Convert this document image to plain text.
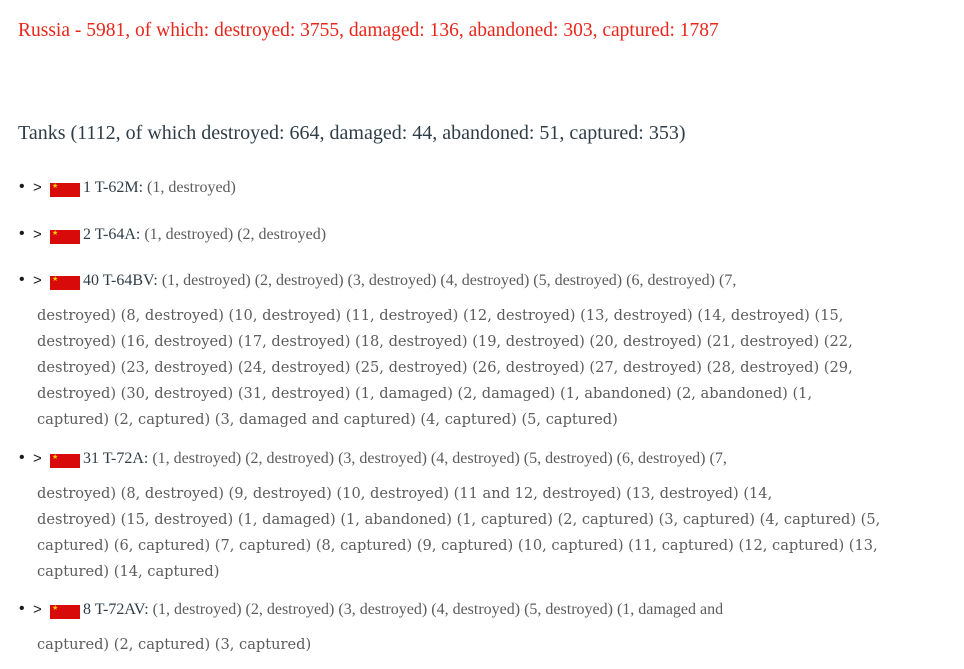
Russia - 5981, of which: destroyed: 3755, damaged: 136, abandoned: 303, captured: 1787
Tanks (1112, of which destroyed: 664, damaged: 44, abandoned: 51, captured: 353)
• > ★ 1 T-62M: (1, destroyed)
• > ★ 2 T-64A: (1, destroyed) (2, destroyed)
• > ★ 40 T-64BV: (1, destroyed) (2, destroyed) (3, destroyed) (4, destroyed) (5, destroyed) (6, destroyed) (7,
destroyed) (8, destroyed) (10, destroyed) (11, destroyed) (12, destroyed) (13, destroyed) (14, destroyed) (15,
destroyed) (16, destroyed) (17, destroyed) (18, destroyed) (19, destroyed) (20, destroyed) (21, destroyed) (22,
destroyed) (23, destroyed) (24, destroyed) (25, destroyed) (26, destroyed) (27, destroyed) (28, destroyed) (29,
destroyed) (30, destroyed) (31, destroyed) (1, damaged) (2, damaged) (1, abandoned) (2, abandoned) (1,
captured) (2, captured) (3, damaged and captured) (4, captured) (5, captured)
• > ★ 31 T-72A: (1, destroyed) (2, destroyed) (3, destroyed) (4, destroyed) (5, destroyed) (6, destroyed) (7,
destroyed) (8, destroyed) (9, destroyed) (10, destroyed) (11 and 12, destroyed) (13, destroyed) (14,
destroyed) (15, destroyed) (1, damaged) (1, abandoned) (1, captured) (2, captured) (3, captured) (4, captured) (5,
captured) (6, captured) (7, captured) (8, captured) (9, captured) (10, captured) (11, captured) (12, captured) (13,
captured) (14, captured)
• > ★ 8 T-72AV: (1, destroyed) (2, destroyed) (3, destroyed) (4, destroyed) (5, destroyed) (1, damaged and
captured) (2, captured) (3, captured)
